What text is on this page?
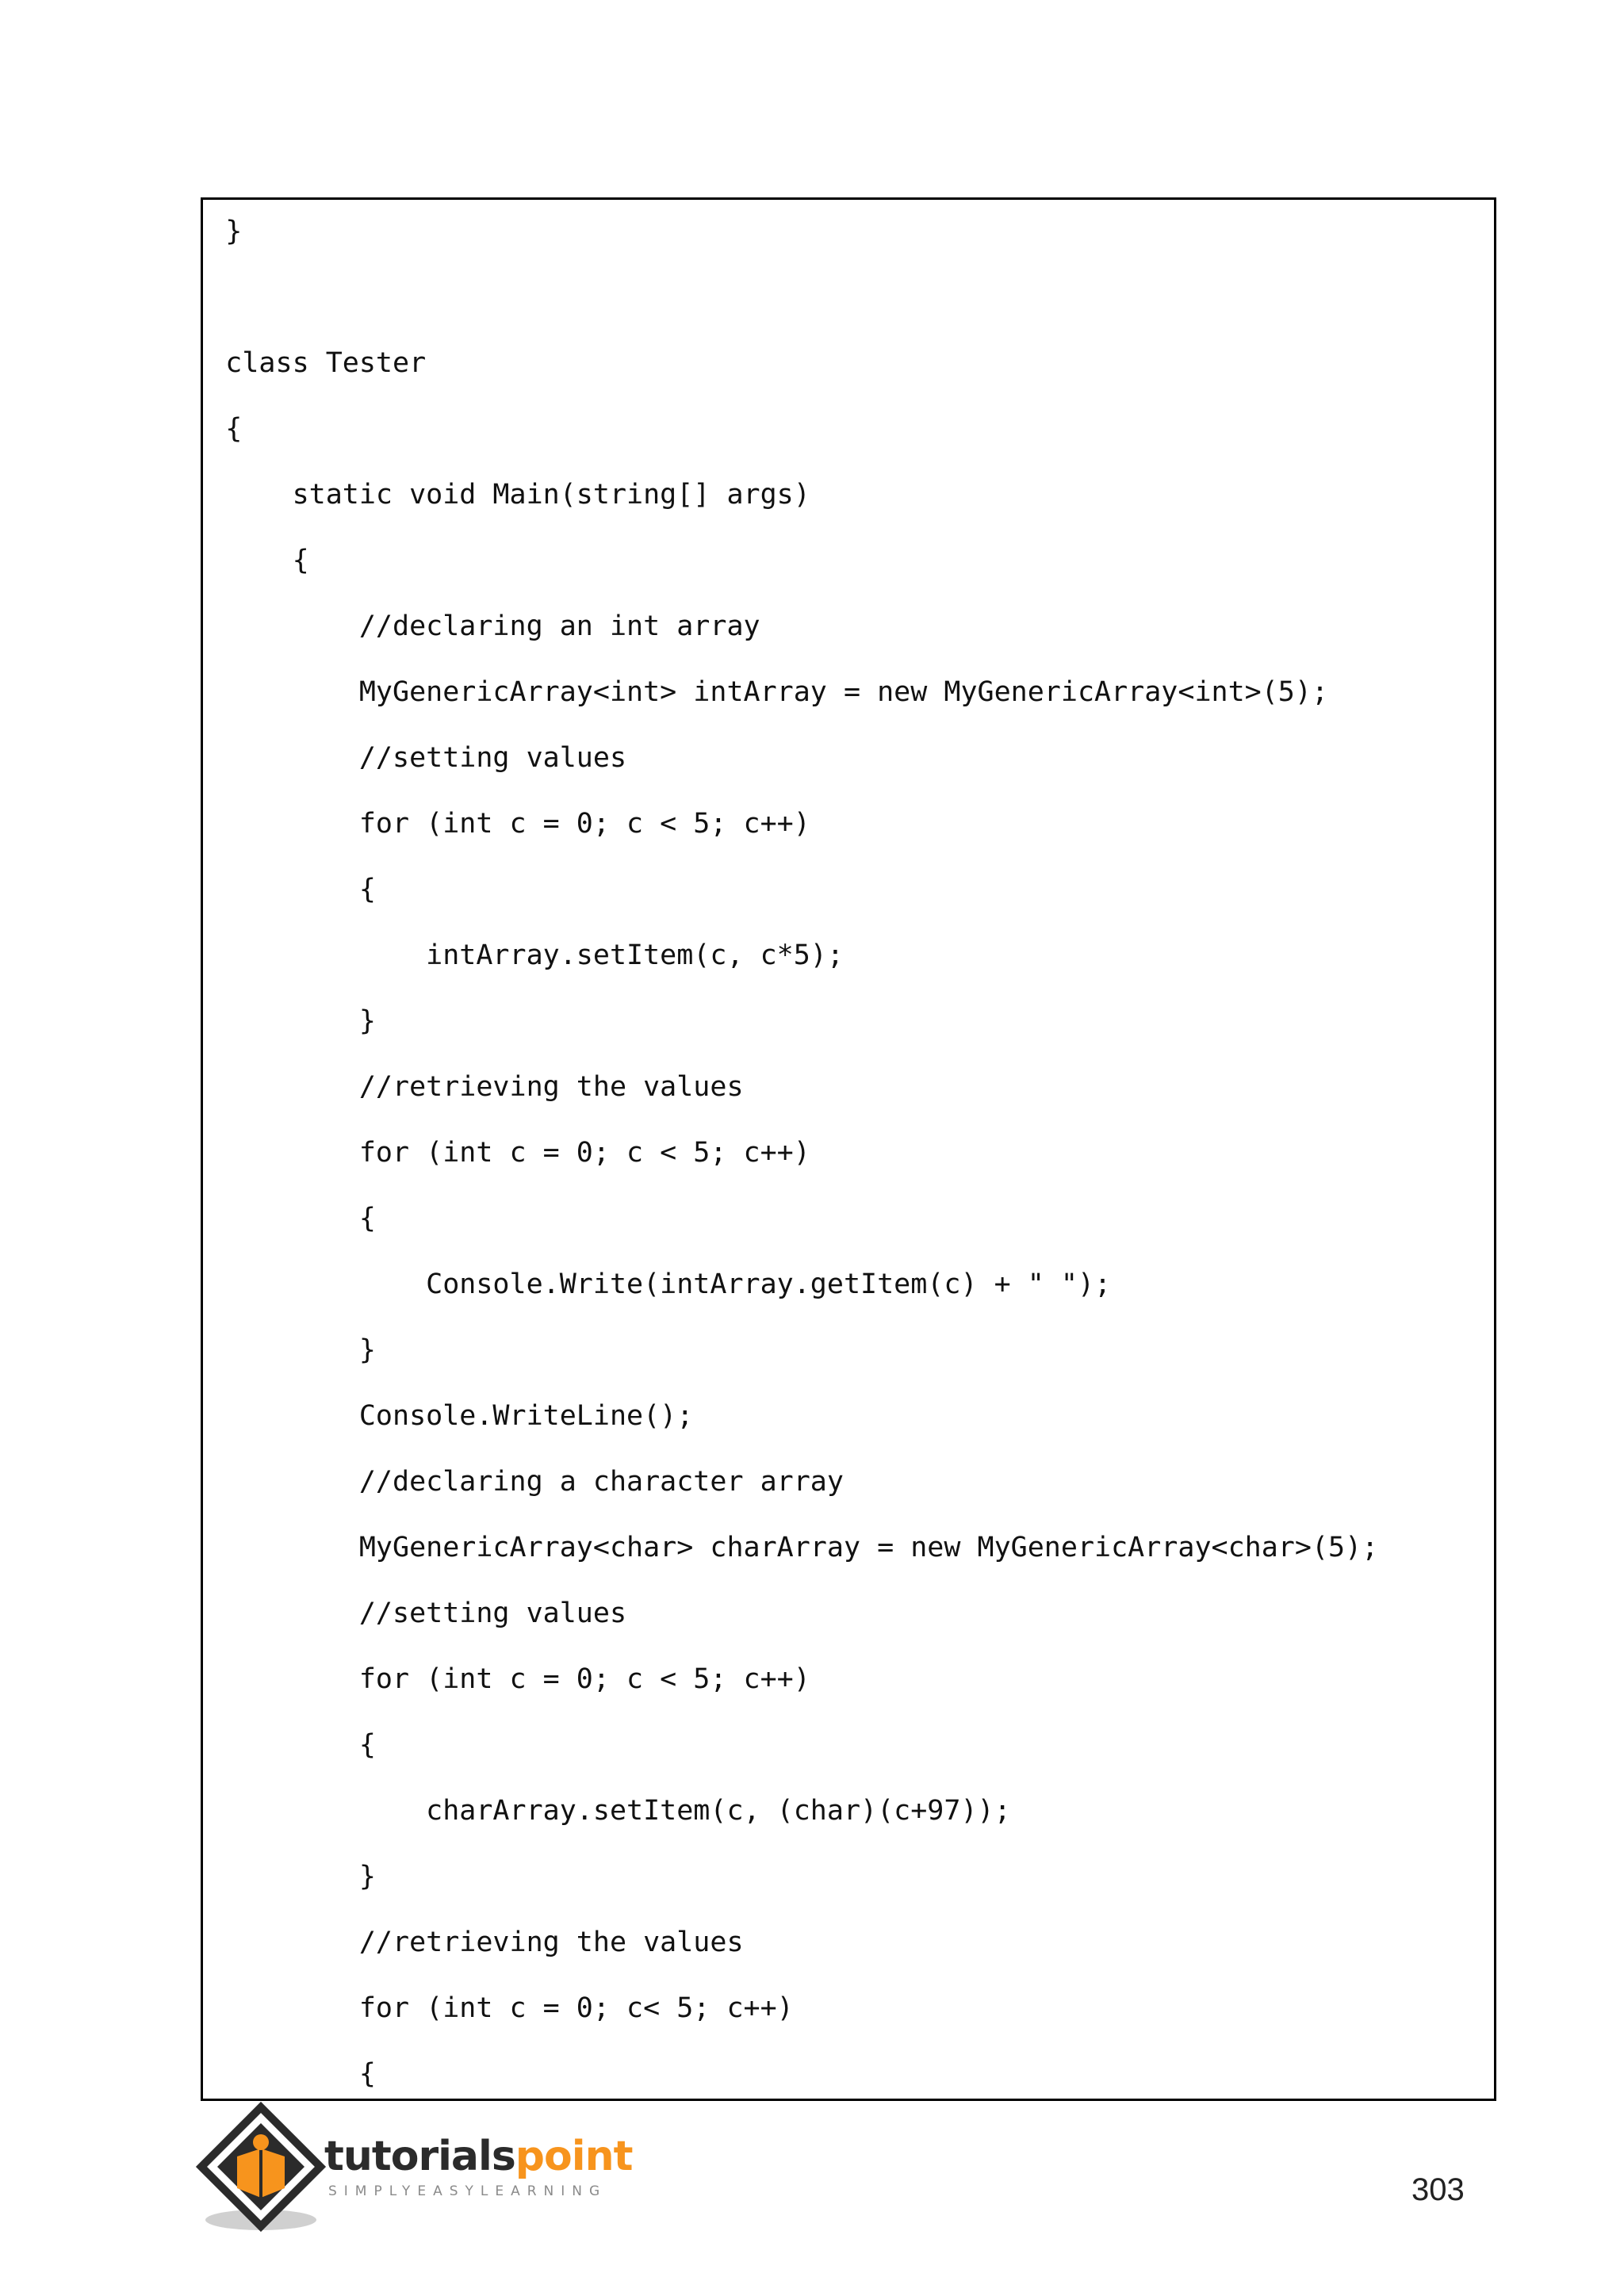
}
class Tester
{
static void Main(string[] args)
{
//declaring an int array
MyGenericArray<int> intArray = new MyGenericArray<int>(5);
//setting values
for (int c = 0; c < 5; c++)
{
intArray.setItem(c, c*5);
}
//retrieving the values
for (int c = 0; c < 5; c++)
{
Console.Write(intArray.getItem(c) + " ");
}
Console.WriteLine();
//declaring a character array
MyGenericArray<char> charArray = new MyGenericArray<char>(5);
//setting values
for (int c = 0; c < 5; c++)
{
charArray.setItem(c, (char)(c+97));
}
//retrieving the values
for (int c = 0; c< 5; c++)
{
tutorialspoint
SIMPLYEASYLEARNING	303
